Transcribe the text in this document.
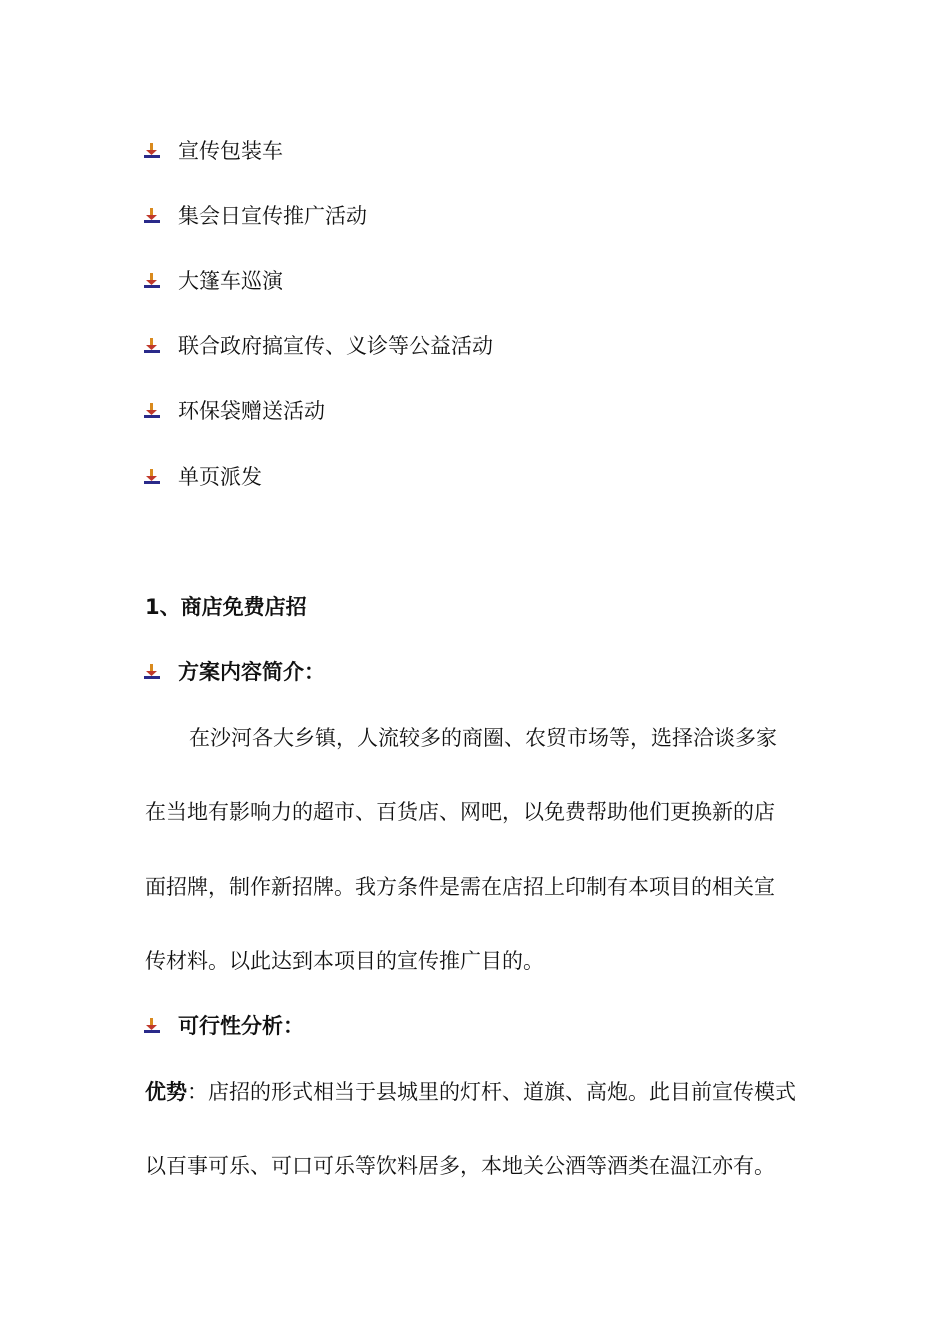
宣传包装车
集会日宣传推广活动
大篷车巡演
联合政府搞宣传、义诊等公益活动
环保袋赠送活动
单页派发
1、商店免费店招
方案内容简介：
在沙河各大乡镇，人流较多的商圈、农贸市场等，选择洽谈多家
在当地有影响力的超市、百货店、网吧，以免费帮助他们更换新的店
面招牌，制作新招牌。我方条件是需在店招上印制有本项目的相关宣
传材料。以此达到本项目的宣传推广目的。
可行性分析：
优势：店招的形式相当于县城里的灯杆、道旗、高炮。此目前宣传模式
以百事可乐、可口可乐等饮料居多，本地关公酒等酒类在温江亦有。
